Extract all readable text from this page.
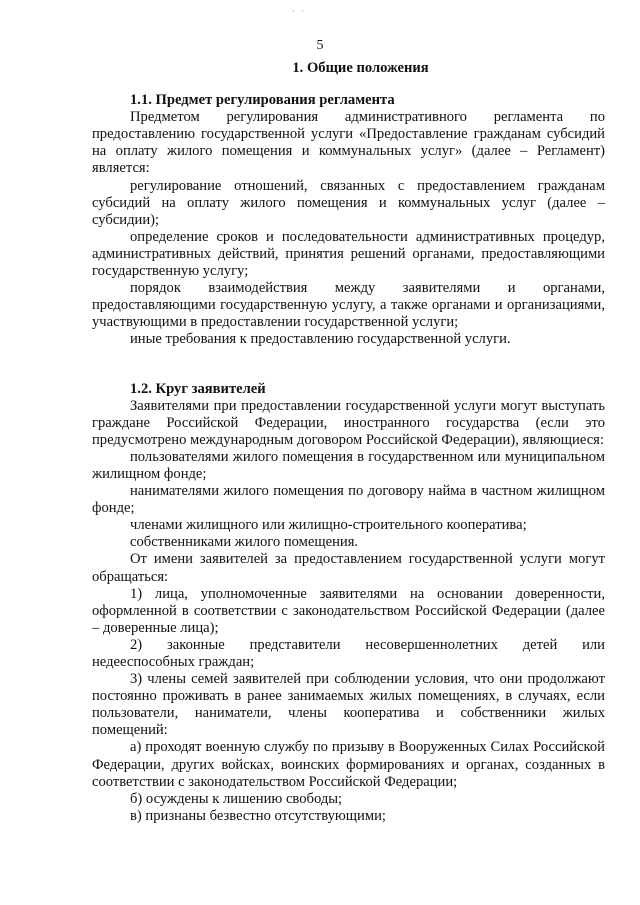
· ·
5
1. Общие положения
1.1. Предмет регулирования регламента

Предметом регулирования административного регламента по предоставлению государственной услуги «Предоставление гражданам субсидий на оплату жилого помещения и коммунальных услуг» (далее – Регламент) является:

регулирование отношений, связанных с предоставлением гражданам субсидий на оплату жилого помещения и коммунальных услуг (далее – субсидии);

определение сроков и последовательности административных процедур, административных действий, принятия решений органами, предоставляющими государственную услугу;

порядок взаимодействия между заявителями и органами, предоставляющими государственную услугу, а также органами и организациями, участвующими в предоставлении государственной услуги;

иные требования к предоставлению государственной услуги.

1.2. Круг заявителей

Заявителями при предоставлении государственной услуги могут выступать граждане Российской Федерации, иностранного государства (если это предусмотрено международным договором Российской Федерации), являющиеся:

пользователями жилого помещения в государственном или муниципальном жилищном фонде;

нанимателями жилого помещения по договору найма в частном жилищном фонде;

членами жилищного или жилищно-строительного кооператива;

собственниками жилого помещения.

От имени заявителей за предоставлением государственной услуги могут обращаться:

1) лица, уполномоченные заявителями на основании доверенности, оформленной в соответствии с законодательством Российской Федерации (далее – доверенные лица);

2) законные представители несовершеннолетних детей или недееспособных граждан;

3) члены семей заявителей при соблюдении условия, что они продолжают постоянно проживать в ранее занимаемых жилых помещениях, в случаях, если пользователи, наниматели, члены кооператива и собственники жилых помещений:

а) проходят военную службу по призыву в Вооруженных Силах Российской Федерации, других войсках, воинских формированиях и органах, созданных в соответствии с законодательством Российской Федерации;

б) осуждены к лишению свободы;

в) признаны безвестно отсутствующими;
